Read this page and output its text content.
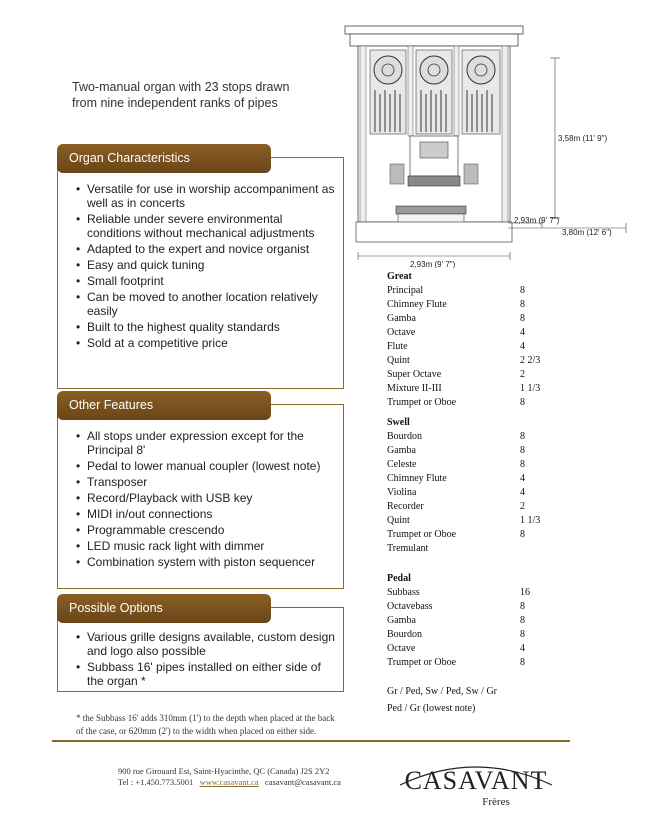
Two-manual organ with 23 stops drawn
from nine independent ranks of pipes
Organ Characteristics
• Versatile for use in worship accompaniment as well as in concerts
• Reliable under severe environmental conditions without mechanical adjustments
• Adapted to the expert and novice organist
• Easy and quick tuning
• Small footprint
• Can be moved to another location relatively easily
• Built to the highest quality standards
• Sold at a competitive price
Other Features
• All stops under expression except for the Principal 8'
• Pedal to lower manual coupler (lowest note)
• Transposer
• Record/Playback with USB key
• MIDI in/out connections
• Programmable crescendo
• LED music rack light with dimmer
• Combination system with piston sequencer
Possible Options
• Various grille designs available, custom design and logo also possible
• Subbass 16' pipes installed on either side of the organ *
3,58m (11' 9")
2,93m (9' 7")
3,80m (12' 6")
2,93m (9' 7")
Great
Principal	8
Chimney Flute	8
Gamba	8
Octave	4
Flute	4
Quint	2 2/3
Super Octave	2
Mixture II-III	1 1/3
Trumpet or Oboe	8
Swell
Bourdon	8
Gamba	8
Celeste	8
Chimney Flute	4
Violina	4
Recorder	2
Quint	1 1/3
Trumpet or Oboe	8
Tremulant
Pedal
Subbass	16
Octavebass	8
Gamba	8
Bourdon	8
Octave	4
Trumpet or Oboe	8
Gr / Ped, Sw / Ped, Sw / Gr
Ped / Gr (lowest note)
* the Subbass 16' adds 310mm (1') to the depth when placed at the back
of the case, or 620mm (2') to the width when placed on either side.
900 rue Girouard Est, Saint-Hyacinthe, QC (Canada) J2S 2Y2
Tel : +1.450.773.5001 www.casavant.ca casavant@casavant.ca	CASAVANT
Frères
